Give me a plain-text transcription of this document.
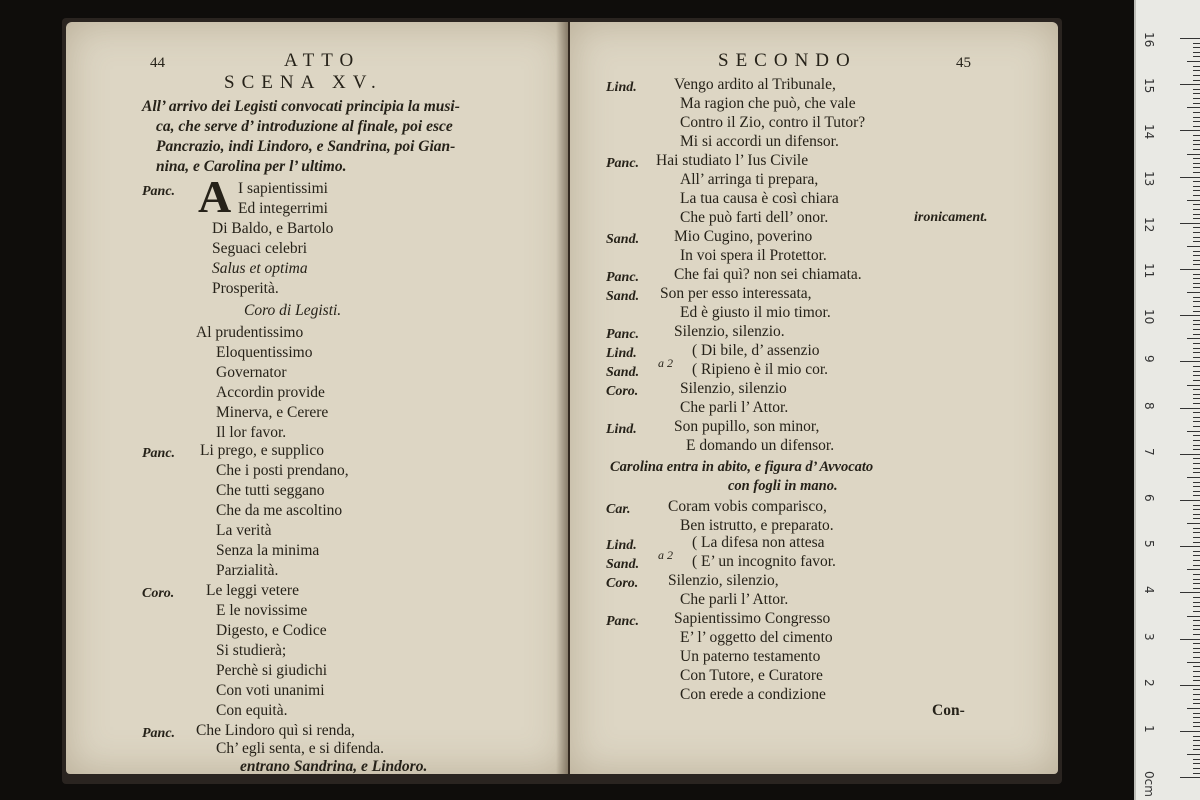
44	ATTO
SCENA XV.
All’ arrivo dei Legisti convocati principia la musi-
ca, che serve d’ introduzione al finale, poi esce
Pancrazio, indi Lindoro, e Sandrina, poi Gian-
nina, e Carolina per l’ ultimo.
A
Panc.	I sapientissimi
Ed integerrimi
Di Baldo, e Bartolo
Seguaci celebri
Salus et optima
Prosperità.
Coro di Legisti.
Al prudentissimo
Eloquentissimo
Governator
Accordin provide
Minerva, e Cerere
Il lor favor.
Panc. Li prego, e supplico
Che i posti prendano,
Che tutti seggano
Che da me ascoltino
La verità
Senza la minima
Parzialità.
Coro. Le leggi vetere
E le novissime
Digesto, e Codice
Si studierà;
Perchè si giudichi
Con voti unanimi
Con equità.
Panc. Che Lindoro quì si renda,
Ch’ egli senta, e si difenda.
entrano Sandrina, e Lindoro.
SECONDO	45
Lind. Vengo ardito al Tribunale,
Ma ragion che può, che vale
Contro il Zio, contro il Tutor?
Mi si accordi un difensor.
Panc. Hai studiato l’ Ius Civile
All’ arringa ti prepara,
La tua causa è così chiara
Che può farti dell’ onor.	ironicament.
Sand. Mio Cugino, poverino
In voi spera il Protettor.
Panc. Che fai quì? non sei chiamata.
Sand. Son per esso interessata,
Ed è giusto il mio timor.
Panc. Silenzio, silenzio.
Lind.
a 2
( Di bile, d’ assenzio
Sand.	( Ripieno è il mio cor.
Coro.	Silenzio, silenzio
Che parli l’ Attor.
Lind. Son pupillo, son minor,
E domando un difensor.
Carolina entra in abito, e figura d’ Avvocato
con fogli in mano.
Car. Coram vobis comparisco,
Ben istrutto, e preparato.
Lind.
a 2
( La difesa non attesa
Sand.	( E’ un incognito favor.
Coro. Silenzio, silenzio,
Che parli l’ Attor.
Panc. Sapientissimo Congresso
E’ l’ oggetto del cimento
Un paterno testamento
Con Tutore, e Curatore
Con erede a condizione
Con-
16
15
14
13
12
11
10
9
8
7
6
5
4
3
2
1
0cm
